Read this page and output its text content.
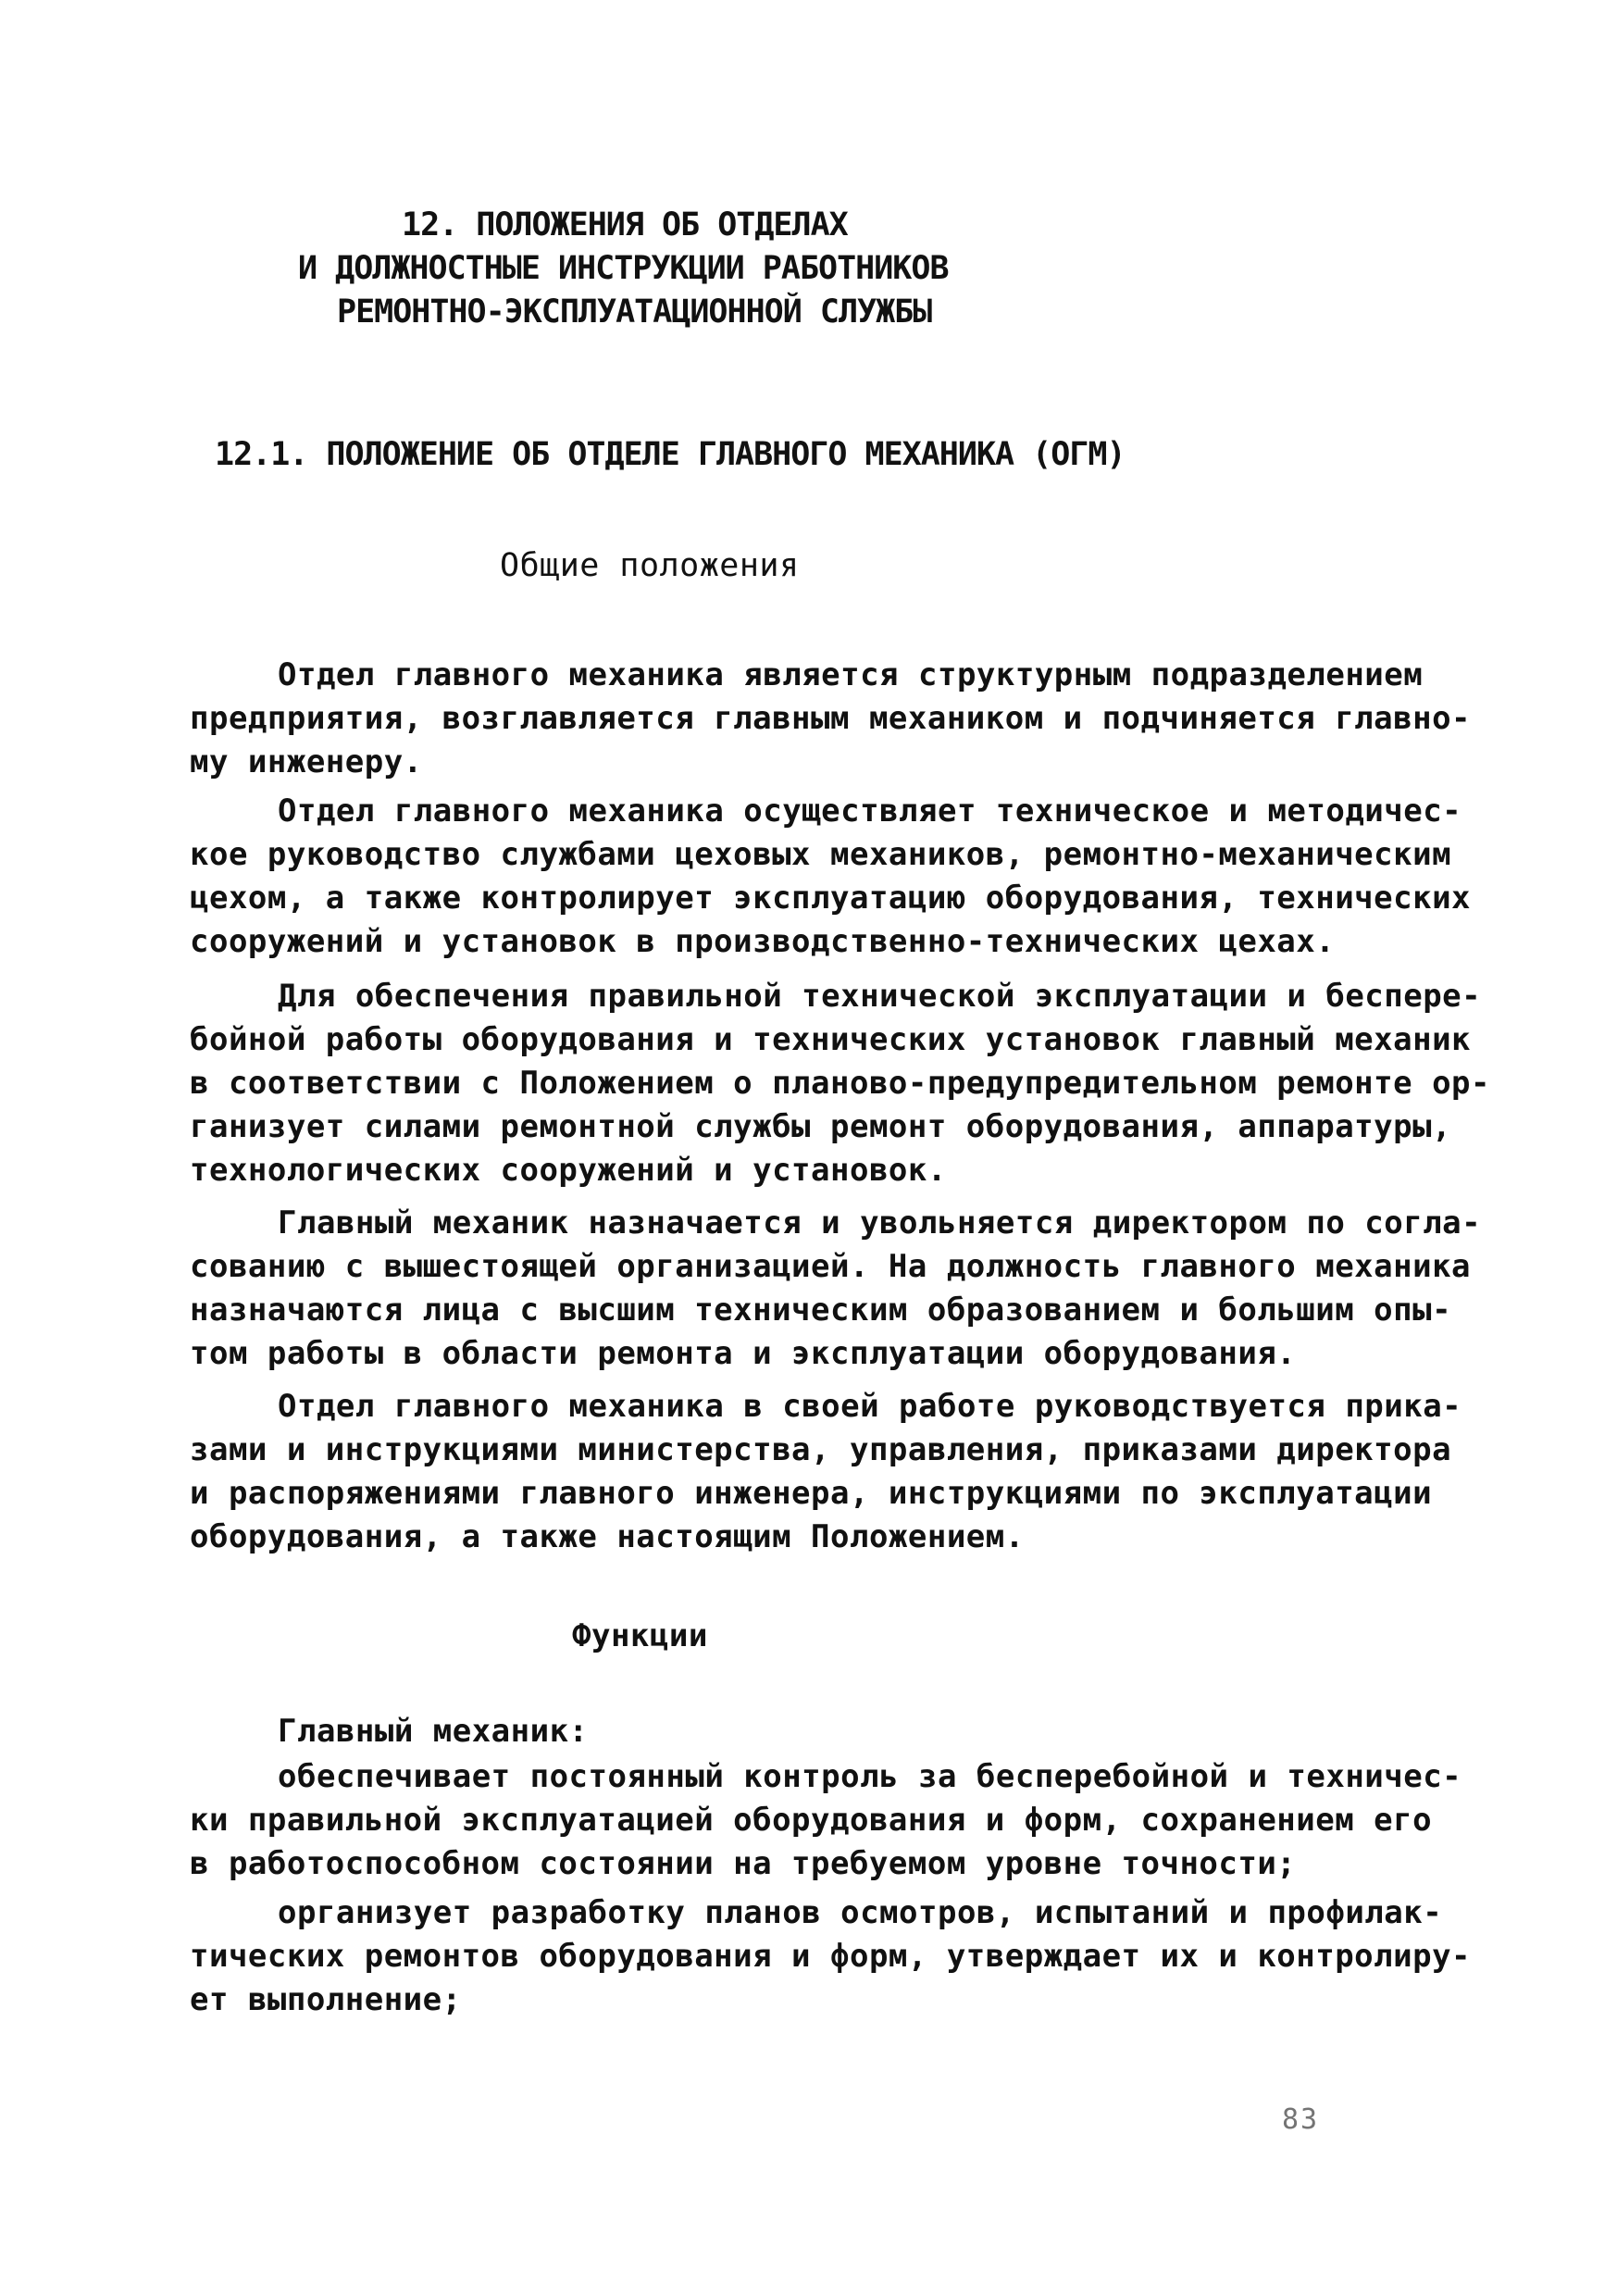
12. ПОЛОЖЕНИЯ ОБ ОТДЕЛАХ
И ДОЛЖНОСТНЫЕ ИНСТРУКЦИИ РАБОТНИКОВ
РЕМОНТНО-ЭКСПЛУАТАЦИОННОЙ СЛУЖБЫ
12.1. ПОЛОЖЕНИЕ ОБ ОТДЕЛЕ ГЛАВНОГО МЕХАНИКА (ОГМ)
Общие положения
Отдел главного механика является структурным подразделением
предприятия, возглавляется главным механиком и подчиняется главно-
му инженеру.
Отдел главного механика осуществляет техническое и методичес-
кое руководство службами цеховых механиков, ремонтно-механическим
цехом, а также контролирует эксплуатацию оборудования, технических
сооружений и установок в производственно-технических цехах.
Для обеспечения правильной технической эксплуатации и беспере-
бойной работы оборудования и технических установок главный механик
в соответствии с Положением о планово-предупредительном ремонте ор-
ганизует силами ремонтной службы ремонт оборудования, аппаратуры,
технологических сооружений и установок.
Главный механик назначается и увольняется директором по согла-
сованию с вышестоящей организацией. На должность главного механика
назначаются лица с высшим техническим образованием и большим опы-
том работы в области ремонта и эксплуатации оборудования.
Отдел главного механика в своей работе руководствуется прика-
зами и инструкциями министерства, управления, приказами директора
и распоряжениями главного инженера, инструкциями по эксплуатации
оборудования, а также настоящим Положением.
Функции
Главный механик:
обеспечивает постоянный контроль за бесперебойной и техничес-
ки правильной эксплуатацией оборудования и форм, сохранением его
в работоспособном состоянии на требуемом уровне точности;
организует разработку планов осмотров, испытаний и профилак-
тических ремонтов оборудования и форм, утверждает их и контролиру-
ет выполнение;
83
